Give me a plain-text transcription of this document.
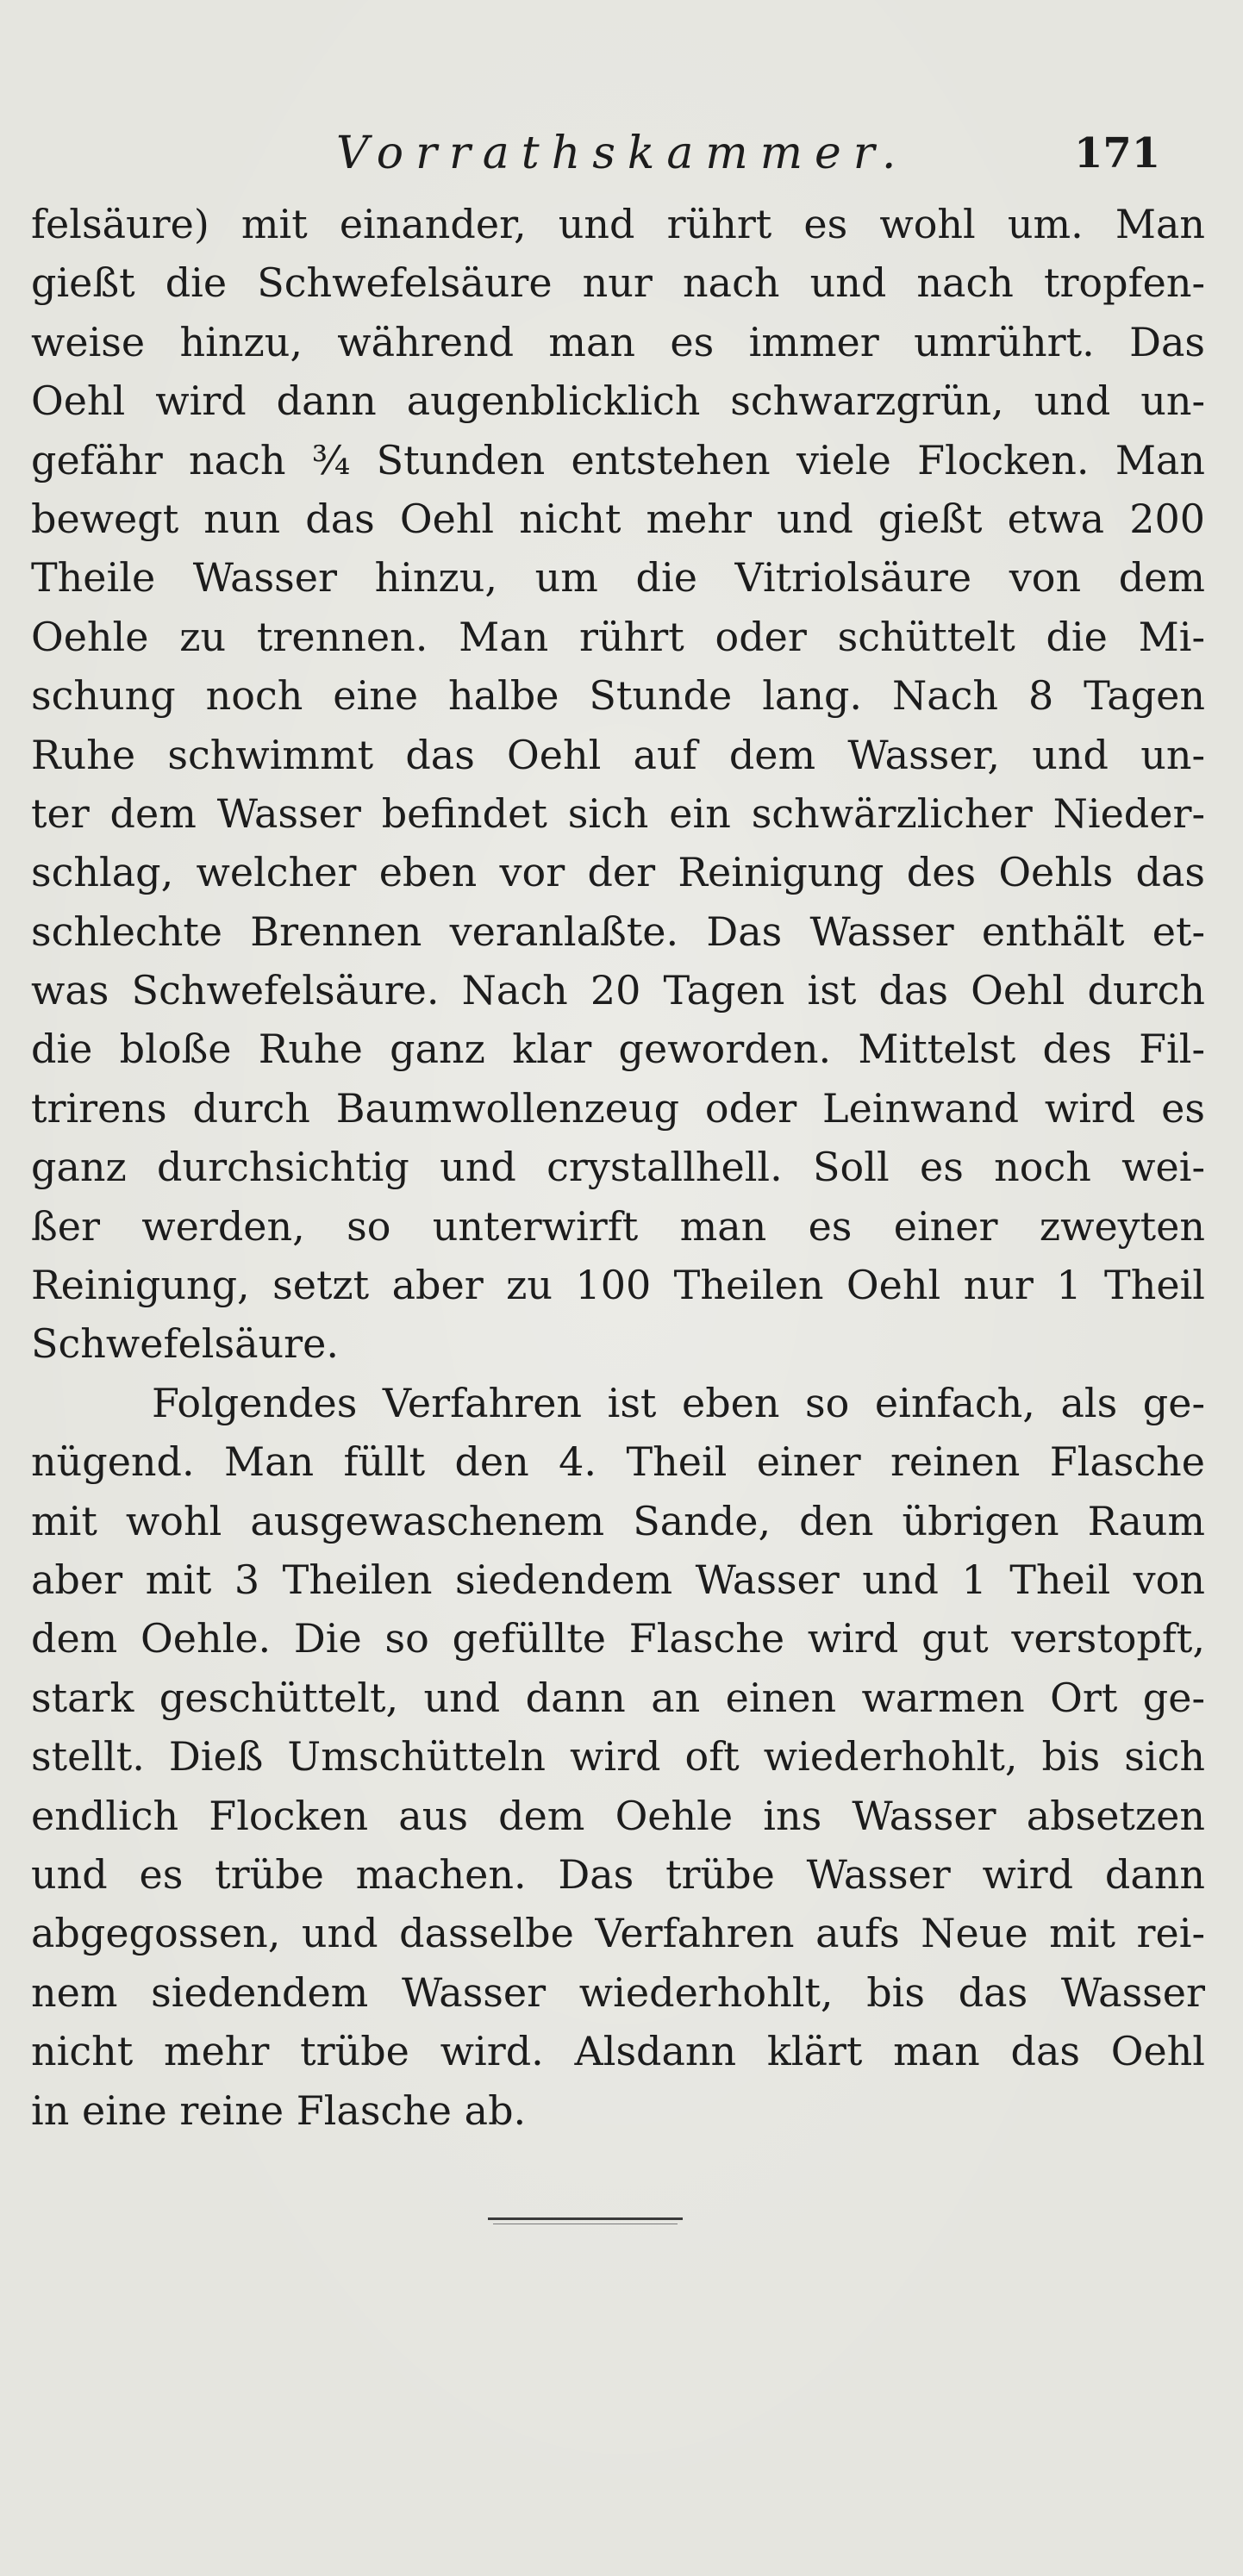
Vorrathskammer.	171
felsäure) mit einander, und rührt es wohl um. Man
gießt die Schwefelsäure nur nach und nach tropfen-
weise hinzu, während man es immer umrührt. Das
Oehl wird dann augenblicklich schwarzgrün, und un-
gefähr nach ¾ Stunden entstehen viele Flocken. Man
bewegt nun das Oehl nicht mehr und gießt etwa 200
Theile Wasser hinzu, um die Vitriolsäure von dem
Oehle zu trennen. Man rührt oder schüttelt die Mi-
schung noch eine halbe Stunde lang. Nach 8 Tagen
Ruhe schwimmt das Oehl auf dem Wasser, und un-
ter dem Wasser befindet sich ein schwärzlicher Nieder-
schlag, welcher eben vor der Reinigung des Oehls das
schlechte Brennen veranlaßte. Das Wasser enthält et-
was Schwefelsäure. Nach 20 Tagen ist das Oehl durch
die bloße Ruhe ganz klar geworden. Mittelst des Fil-
trirens durch Baumwollenzeug oder Leinwand wird es
ganz durchsichtig und crystallhell. Soll es noch wei-
ßer werden, so unterwirft man es einer zweyten
Reinigung, setzt aber zu 100 Theilen Oehl nur 1 Theil
Schwefelsäure.
Folgendes Verfahren ist eben so einfach, als ge-
nügend. Man füllt den 4. Theil einer reinen Flasche
mit wohl ausgewaschenem Sande, den übrigen Raum
aber mit 3 Theilen siedendem Wasser und 1 Theil von
dem Oehle. Die so gefüllte Flasche wird gut verstopft,
stark geschüttelt, und dann an einen warmen Ort ge-
stellt. Dieß Umschütteln wird oft wiederhohlt, bis sich
endlich Flocken aus dem Oehle ins Wasser absetzen
und es trübe machen. Das trübe Wasser wird dann
abgegossen, und dasselbe Verfahren aufs Neue mit rei-
nem siedendem Wasser wiederhohlt, bis das Wasser
nicht mehr trübe wird. Alsdann klärt man das Oehl
in eine reine Flasche ab.
